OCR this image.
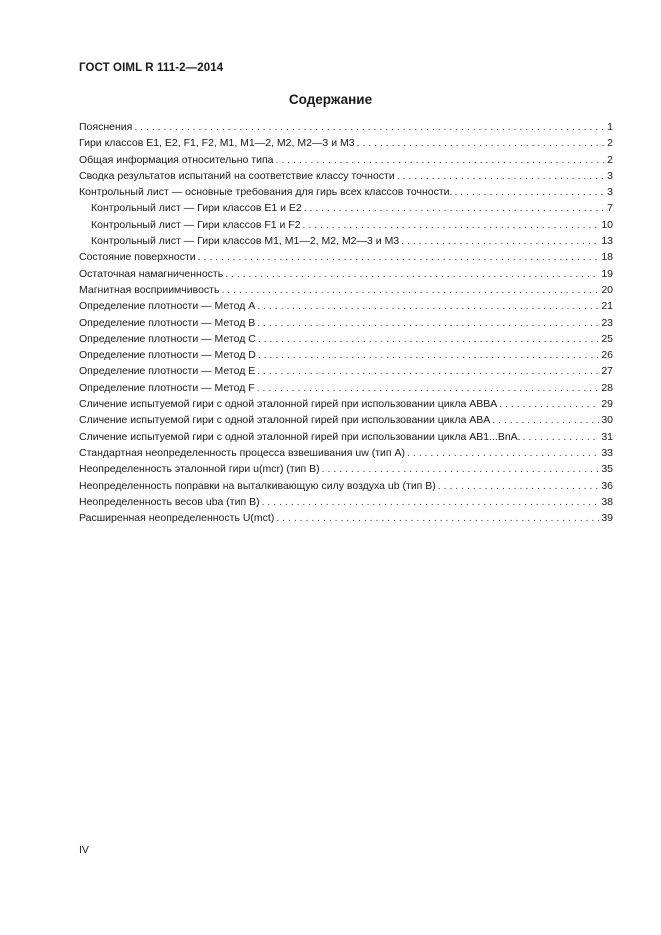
ГОСТ OIML R 111-2—2014
Содержание
Пояснения . . .	1
Гири классов E1, E2, F1, F2, M1, M1—2, M2, M2—3 и M3 . . .	2
Общая информация относительно типа . . .	2
Сводка результатов испытаний на соответствие классу точности . . .	3
Контрольный лист — основные требования для гирь всех классов точности. . . .	3
Контрольный лист — Гири классов E1 и E2 . . .	7
Контрольный лист — Гири классов F1 и F2 . . .	10
Контрольный лист — Гири классов M1, M1—2, M2, M2—3 и M3 . . .	13
Состояние поверхности . . .	18
Остаточная намагниченность . . .	19
Магнитная восприимчивость . . .	20
Определение плотности — Метод A . . .	21
Определение плотности — Метод B . . .	23
Определение плотности — Метод C . . .	25
Определение плотности — Метод D . . .	26
Определение плотности — Метод E . . .	27
Определение плотности — Метод F . . .	28
Сличение испытуемой гири с одной эталонной гирей при использовании цикла ABBA . . .	29
Сличение испытуемой гири с одной эталонной гирей при использовании цикла ABA . . .	30
Сличение испытуемой гири с одной эталонной гирей при использовании цикла AB1...BnA. . . .	31
Стандартная неопределенность процесса взвешивания uw (тип A) . . .	33
Неопределенность эталонной гири u(mcr) (тип B) . . .	35
Неопределенность поправки на выталкивающую силу воздуха ub (тип B) . . .	36
Неопределенность весов uba (тип B) . . .	38
Расширенная неопределенность U(mct) . . .	39
IV
